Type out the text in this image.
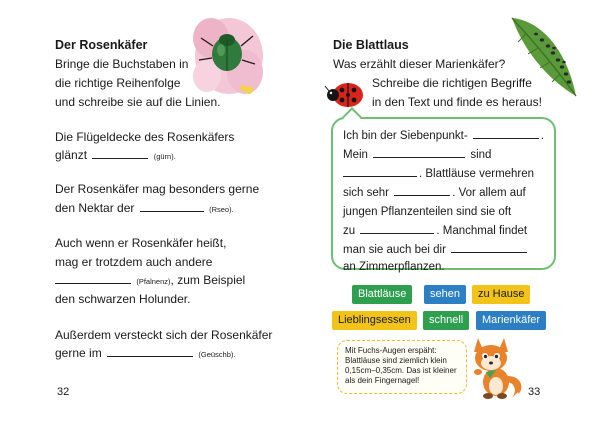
Der Rosenkäfer
Bringe die Buchstaben in
die richtige Reihenfolge
und schreibe sie auf die Linien.
Die Flügeldecke des Rosenkäfers
glänzt	(gürn).
Der Rosenkäfer mag besonders gerne
den Nektar der	(Rseo).
Auch wenn er Rosenkäfer heißt,
mag er trotzdem auch andere
(Pfalnenz), zum Beispiel
den schwarzen Holunder.
Außerdem versteckt sich der Rosenkäfer
gerne im	(Geüschb).
32
Die Blattlaus
Was erzählt dieser Marienkäfer?
Schreibe die richtigen Begriffe
in den Text und finde es heraus!
Ich bin der Siebenpunkt-	.
Mein	sind
. Blattläuse vermehren
sich sehr	. Vor allem auf
jungen Pflanzenteilen sind sie oft
zu	. Manchmal findet
man sie auch bei dir
an Zimmerpflanzen.
Blattläuse	sehen	zu Hause
Lieblingsessen	schnell	Marienkäfer
Mit Fuchs-Augen erspäht:
Blattläuse sind ziemlich klein
0,15cm–0,35cm. Das ist kleiner
als dein Fingernagel!
33
